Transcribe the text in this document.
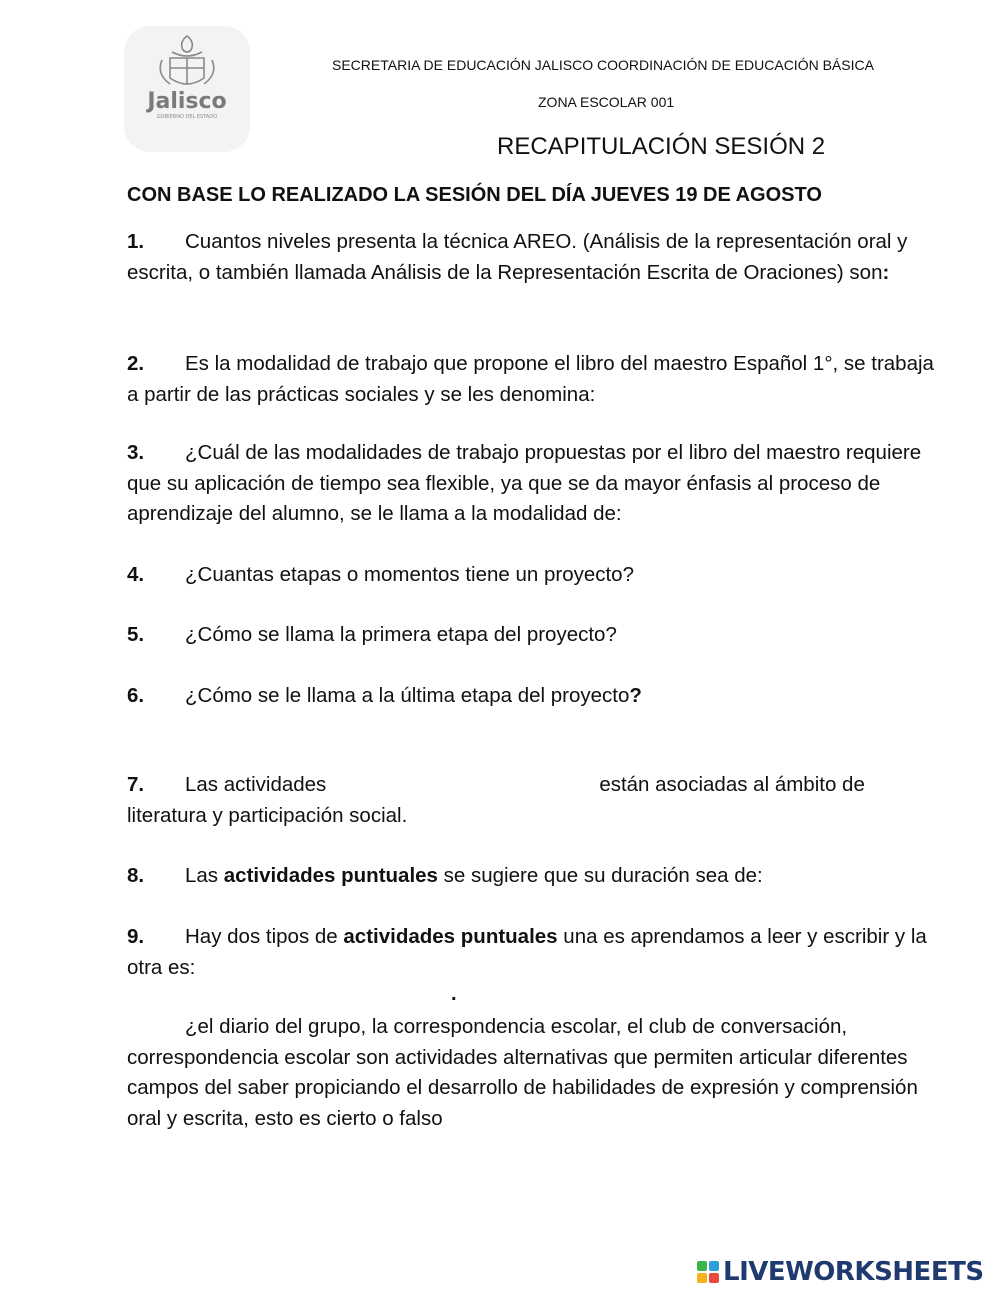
Jalisco
GOBIERNO DEL ESTADO
SECRETARIA DE EDUCACIÓN JALISCO COORDINACIÓN DE EDUCACIÓN BÁSICA
ZONA ESCOLAR 001
RECAPITULACIÓN SESIÓN 2
CON BASE LO REALIZADO LA SESIÓN DEL DÍA JUEVES 19 DE AGOSTO
1. Cuantos niveles presenta la técnica AREO. (Análisis de la representación oral y escrita, o también llamada Análisis de la Representación Escrita de Oraciones) son:
2. Es la modalidad de trabajo que propone el libro del maestro Español 1°, se trabaja a partir de las prácticas sociales y se les denomina:
3. ¿Cuál de las modalidades de trabajo propuestas por el libro del maestro requiere que su aplicación de tiempo sea flexible, ya que se da mayor énfasis al proceso de aprendizaje del alumno, se le llama a la modalidad de:
4. ¿Cuantas etapas o momentos tiene un proyecto?
5. ¿Cómo se llama la primera etapa del proyecto?
6. ¿Cómo se le llama a la última etapa del proyecto?
7. Las actividades	están asociadas al ámbito de literatura y participación social.
8. Las actividades puntuales se sugiere que su duración sea de:
9. Hay dos tipos de actividades puntuales una es aprendamos a leer y escribir y la otra es:
.
¿el diario del grupo, la correspondencia escolar, el club de conversación, correspondencia escolar son actividades alternativas que permiten articular diferentes campos del saber propiciando el desarrollo de habilidades de expresión y comprensión oral y escrita, esto es cierto o falso
LIVEWORKSHEETS
